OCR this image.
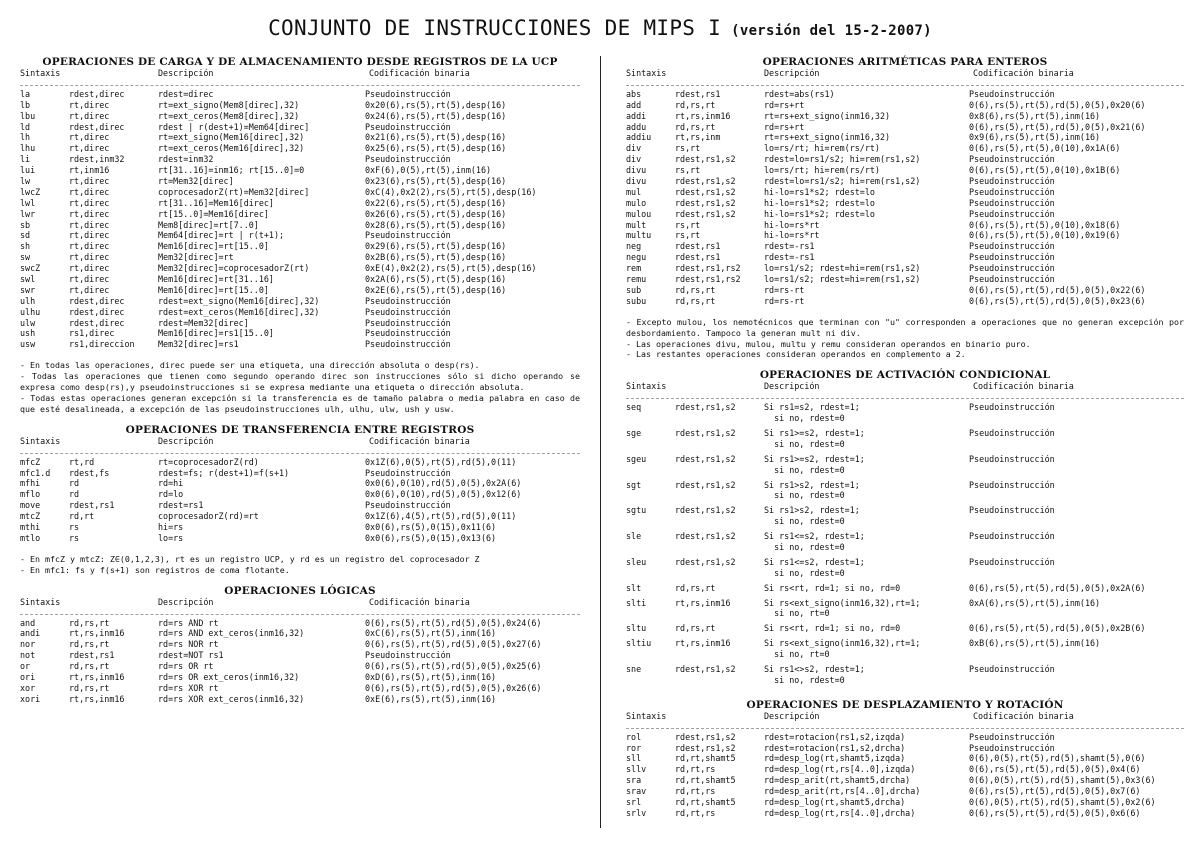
CONJUNTO DE INSTRUCCIONES DE MIPS I (versión del 15-2-2007)
OPERACIONES DE CARGA Y DE ALMACENAMIENTO DESDE REGISTROS DE LA UCP
Sintaxis	Descripción	Codificación binaria
la	rdest,direc	rdest=direc	Pseudoinstrucción
lb	rt,direc	rt=ext_signo(Mem8[direc],32)	0x20(6),rs(5),rt(5),desp(16)
lbu	rt,direc	rt=ext_ceros(Mem8[direc],32)	0x24(6),rs(5),rt(5),desp(16)
ld	rdest,direc	rdest | r(dest+1)=Mem64[direc]	Pseudoinstrucción
lh	rt,direc	rt=ext_signo(Mem16[direc],32)	0x21(6),rs(5),rt(5),desp(16)
lhu	rt,direc	rt=ext_ceros(Mem16[direc],32)	0x25(6),rs(5),rt(5),desp(16)
li	rdest,inm32	rdest=inm32	Pseudoinstrucción
lui	rt,inm16	rt[31..16]=inm16; rt[15..0]=0	0xF(6),0(5),rt(5),inm(16)
lw	rt,direc	rt=Mem32[direc]	0x23(6),rs(5),rt(5),desp(16)
lwcZ	rt,direc	coprocesadorZ(rt)=Mem32[direc]	0xC(4),0x2(2),rs(5),rt(5),desp(16)
lwl	rt,direc	rt[31..16]=Mem16[direc]	0x22(6),rs(5),rt(5),desp(16)
lwr	rt,direc	rt[15..0]=Mem16[direc]	0x26(6),rs(5),rt(5),desp(16)
sb	rt,direc	Mem8[direc]=rt[7..0]	0x28(6),rs(5),rt(5),desp(16)
sd	rt,direc	Mem64[direc]=rt | r(t+1);	Pseudoinstrucción
sh	rt,direc	Mem16[direc]=rt[15..0]	0x29(6),rs(5),rt(5),desp(16)
sw	rt,direc	Mem32[direc]=rt	0x2B(6),rs(5),rt(5),desp(16)
swcZ	rt,direc	Mem32[direc]=coprocesadorZ(rt)	0xE(4),0x2(2),rs(5),rt(5),desp(16)
swl	rt,direc	Mem16[direc]=rt[31..16]	0x2A(6),rs(5),rt(5),desp(16)
swr	rt,direc	Mem16[direc]=rt[15..0]	0x2E(6),rs(5),rt(5),desp(16)
ulh	rdest,direc	rdest=ext_signo(Mem16[direc],32)	Pseudoinstrucción
ulhu	rdest,direc	rdest=ext_ceros(Mem16[direc],32)	Pseudoinstrucción
ulw	rdest,direc	rdest=Mem32[direc]	Pseudoinstrucción
ush	rs1,direc	Mem16[direc]=rs1[15..0]	Pseudoinstrucción
usw	rs1,direccion	Mem32[direc]=rs1	Pseudoinstrucción
- En todas las operaciones, direc puede ser una etiqueta, una dirección absoluta o desp(rs).
- Todas las operaciones que tienen como segundo operando direc son instrucciones sólo si dicho operando se expresa como desp(rs),y pseudoinstrucciones si se expresa mediante una etiqueta o dirección absoluta.
- Todas estas operaciones generan excepción si la transferencia es de tamaño palabra o media palabra en caso de que esté desalineada, a excepción de las pseudoinstrucciones ulh, ulhu, ulw, ush y usw.
OPERACIONES DE TRANSFERENCIA ENTRE REGISTROS
Sintaxis	Descripción	Codificación binaria
mfcZ	rt,rd	rt=coprocesadorZ(rd)	0x1Z(6),0(5),rt(5),rd(5),0(11)
mfc1.d rdest,fs	rdest=fs; r(dest+1)=f(s+1)	Pseudoinstrucción
mfhi	rd	rd=hi	0x0(6),0(10),rd(5),0(5),0x2A(6)
mflo	rd	rd=lo	0x0(6),0(10),rd(5),0(5),0x12(6)
move	rdest,rs1	rdest=rs1	Pseudoinstrucción
mtcZ	rd,rt	coprocesadorZ(rd)=rt	0x1Z(6),4(5),rt(5),rd(5),0(11)
mthi	rs	hi=rs	0x0(6),rs(5),0(15),0x11(6)
mtlo	rs	lo=rs	0x0(6),rs(5),0(15),0x13(6)
- En mfcZ y mtcZ: Z∈(0,1,2,3), rt es un registro UCP, y rd es un registro del coprocesador Z
- En mfc1: fs y f(s+1) son registros de coma flotante.
OPERACIONES LÓGICAS
Sintaxis	Descripción	Codificación binaria
and	rd,rs,rt	rd=rs AND rt	0(6),rs(5),rt(5),rd(5),0(5),0x24(6)
andi	rt,rs,inm16	rd=rs AND ext_ceros(inm16,32)	0xC(6),rs(5),rt(5),inm(16)
nor	rd,rs,rt	rd=rs NOR rt	0(6),rs(5),rt(5),rd(5),0(5),0x27(6)
not	rdest,rs1	rdest=NOT rs1	Pseudoinstrucción
or	rd,rs,rt	rd=rs OR rt	0(6),rs(5),rt(5),rd(5),0(5),0x25(6)
ori	rt,rs,inm16	rd=rs OR ext_ceros(inm16,32)	0xD(6),rs(5),rt(5),inm(16)
xor	rd,rs,rt	rd=rs XOR rt	0(6),rs(5),rt(5),rd(5),0(5),0x26(6)
xori	rt,rs,inm16	rd=rs XOR ext_ceros(inm16,32)	0xE(6),rs(5),rt(5),inm(16)
OPERACIONES ARITMÉTICAS PARA ENTEROS
Sintaxis	Descripción	Codificación binaria
abs	rdest,rs1	rdest=abs(rs1)	Pseudoinstrucción
add	rd,rs,rt	rd=rs+rt	0(6),rs(5),rt(5),rd(5),0(5),0x20(6)
addi	rt,rs,inm16	rt=rs+ext_signo(inm16,32)	0x8(6),rs(5),rt(5),inm(16)
addu	rd,rs,rt	rd=rs+rt	0(6),rs(5),rt(5),rd(5),0(5),0x21(6)
addiu	rt,rs,inm	rt=rs+ext_signo(inm16,32)	0x9(6),rs(5),rt(5),inm(16)
div	rs,rt	lo=rs/rt; hi=rem(rs/rt)	0(6),rs(5),rt(5),0(10),0x1A(6)
div	rdest,rs1,s2	rdest=lo=rs1/s2; hi=rem(rs1,s2)	Pseudoinstrucción
divu	rs,rt	lo=rs/rt; hi=rem(rs/rt)	0(6),rs(5),rt(5),0(10),0x1B(6)
divu	rdest,rs1,s2	rdest=lo=rs1/s2; hi=rem(rs1,s2)	Pseudoinstrucción
mul	rdest,rs1,s2	hi-lo=rs1*s2; rdest=lo	Pseudoinstrucción
mulo	rdest,rs1,s2	hi-lo=rs1*s2; rdest=lo	Pseudoinstrucción
mulou	rdest,rs1,s2	hi-lo=rs1*s2; rdest=lo	Pseudoinstrucción
mult	rs,rt	hi-lo=rs*rt	0(6),rs(5),rt(5),0(10),0x18(6)
multu	rs,rt	hi-lo=rs*rt	0(6),rs(5),rt(5),0(10),0x19(6)
neg	rdest,rs1	rdest=-rs1	Pseudoinstrucción
negu	rdest,rs1	rdest=-rs1	Pseudoinstrucción
rem	rdest,rs1,rs2	lo=rs1/s2; rdest=hi=rem(rs1,s2)	Pseudoinstrucción
remu	rdest,rs1,rs2	lo=rs1/s2; rdest=hi=rem(rs1,s2)	Pseudoinstrucción
sub	rd,rs,rt	rd=rs-rt	0(6),rs(5),rt(5),rd(5),0(5),0x22(6)
subu	rd,rs,rt	rd=rs-rt	0(6),rs(5),rt(5),rd(5),0(5),0x23(6)
- Excepto mulou, los nemotécnicos que terminan con "u" corresponden a operaciones que no generan excepción por desbordamiento. Tampoco la generan mult ni div.
- Las operaciones divu, mulou, multu y remu consideran operandos en binario puro.
- Las restantes operaciones consideran operandos en complemento a 2.
OPERACIONES DE ACTIVACIÓN CONDICIONAL
Sintaxis	Descripción	Codificación binaria
seq	rdest,rs1,s2	Si rs1=s2, rdest=1;	Pseudoinstrucción
si no, rdest=0
sge	rdest,rs1,s2	Si rs1>=s2, rdest=1;	Pseudoinstrucción
si no, rdest=0
sgeu	rdest,rs1,s2	Si rs1>=s2, rdest=1;	Pseudoinstrucción
si no, rdest=0
sgt	rdest,rs1,s2	Si rs1>s2, rdest=1;	Pseudoinstrucción
si no, rdest=0
sgtu	rdest,rs1,s2	Si rs1>s2, rdest=1;	Pseudoinstrucción
si no, rdest=0
sle	rdest,rs1,s2	Si rs1<=s2, rdest=1;	Pseudoinstrucción
si no, rdest=0
sleu	rdest,rs1,s2	Si rs1<=s2, rdest=1;	Pseudoinstrucción
si no, rdest=0
slt	rd,rs,rt	Si rs<rt, rd=1; si no, rd=0	0(6),rs(5),rt(5),rd(5),0(5),0x2A(6)
slti	rt,rs,inm16	Si rs<ext_signo(inm16,32),rt=1;	0xA(6),rs(5),rt(5),inm(16)
si no, rt=0
sltu	rd,rs,rt	Si rs<rt, rd=1; si no, rd=0	0(6),rs(5),rt(5),rd(5),0(5),0x2B(6)
sltiu	rt,rs,inm16	Si rs<ext_signo(inm16,32),rt=1;	0xB(6),rs(5),rt(5),inm(16)
si no, rt=0
sne	rdest,rs1,s2	Si rs1<>s2, rdest=1;	Pseudoinstrucción
si no, rdest=0
OPERACIONES DE DESPLAZAMIENTO Y ROTACIÓN
Sintaxis	Descripción	Codificación binaria
rol	rdest,rs1,s2	rdest=rotacion(rs1,s2,izqda)	Pseudoinstrucción
ror	rdest,rs1,s2	rdest=rotacion(rs1,s2,drcha)	Pseudoinstrucción
sll	rd,rt,shamt5	rd=desp_log(rt,shamt5,izqda)	0(6),0(5),rt(5),rd(5),shamt(5),0(6)
sllv	rd,rt,rs	rd=desp_log(rt,rs[4..0],izqda)	0(6),rs(5),rt(5),rd(5),0(5),0x4(6)
sra	rd,rt,shamt5	rd=desp_arit(rt,shamt5,drcha)	0(6),0(5),rt(5),rd(5),shamt(5),0x3(6)
srav	rd,rt,rs	rd=desp_arit(rt,rs[4..0],drcha)	0(6),rs(5),rt(5),rd(5),0(5),0x7(6)
srl	rd,rt,shamt5	rd=desp_log(rt,shamt5,drcha)	0(6),0(5),rt(5),rd(5),shamt(5),0x2(6)
srlv	rd,rt,rs	rd=desp_log(rt,rs[4..0],drcha)	0(6),rs(5),rt(5),rd(5),0(5),0x6(6)
